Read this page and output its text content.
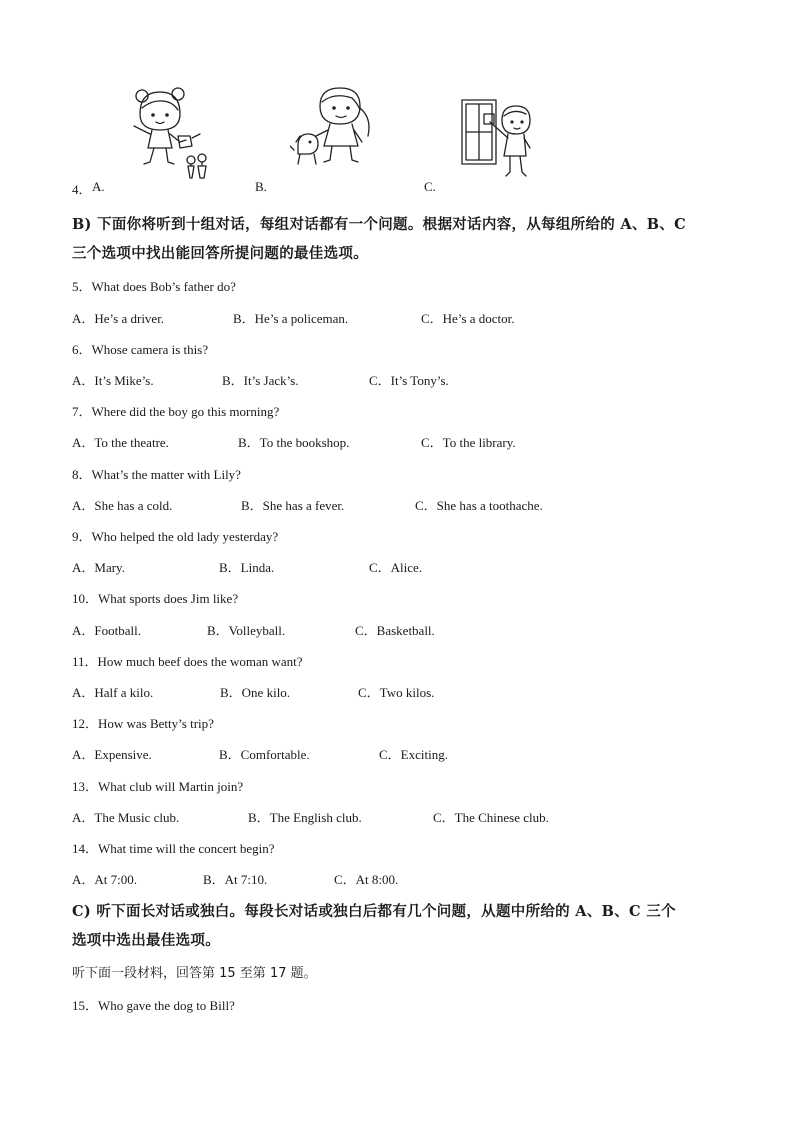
4． A.	B.	C.
B) 下面你将听到十组对话，每组对话都有一个问题。根据对话内容，从每组所给的 A、B、C
三个选项中找出能回答所提问题的最佳选项。
5．What does Bob’s father do?
A．He’s a driver.	B．He’s a policeman.	C．He’s a doctor.
6．Whose camera is this?
A．It’s Mike’s.	B．It’s Jack’s.	C．It’s Tony’s.
7．Where did the boy go this morning?
A．To the theatre.	B．To the bookshop.	C．To the library.
8．What’s the matter with Lily?
A．She has a cold.	B．She has a fever.	C．She has a toothache.
9．Who helped the old lady yesterday?
A．Mary.	B．Linda.	C．Alice.
10．What sports does Jim like?
A．Football.	B．Volleyball.	C．Basketball.
11．How much beef does the woman want?
A．Half a kilo.	B．One kilo.	C．Two kilos.
12．How was Betty’s trip?
A．Expensive.	B．Comfortable.	C．Exciting.
13．What club will Martin join?
A．The Music club.	B．The English club.	C．The Chinese club.
14．What time will the concert begin?
A．At 7:00.	B．At 7:10.	C．At 8:00.
C) 听下面长对话或独白。每段长对话或独白后都有几个问题，从题中所给的 A、B、C 三个
选项中选出最佳选项。
听下面一段材料，回答第 15 至第 17 题。
15．Who gave the dog to Bill?
